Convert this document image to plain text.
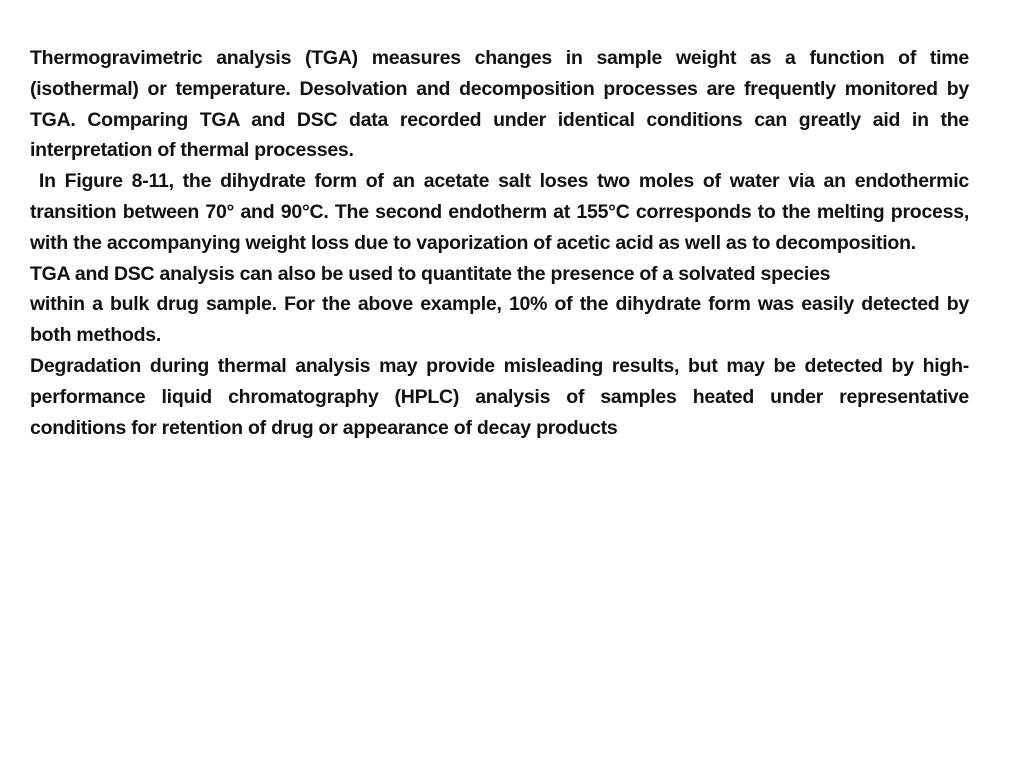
Thermogravimetric analysis (TGA) measures changes in sample weight as a function of time (isothermal) or temperature. Desolvation and decomposition processes are frequently monitored by TGA. Comparing TGA and DSC data recorded under identical conditions can greatly aid in the interpretation of thermal processes.

In Figure 8-11, the dihydrate form of an acetate salt loses two moles of water via an endothermic transition between 70° and 90°C. The second endotherm at 155°C corresponds to the melting process, with the accompanying weight loss due to vaporization of acetic acid as well as to decomposition.

TGA and DSC analysis can also be used to quantitate the presence of a solvated species

within a bulk drug sample. For the above example, 10% of the dihydrate form was easily detected by both methods.

Degradation during thermal analysis may provide misleading results, but may be detected by high-performance liquid chromatography (HPLC) analysis of samples heated under representative conditions for retention of drug or appearance of decay products
